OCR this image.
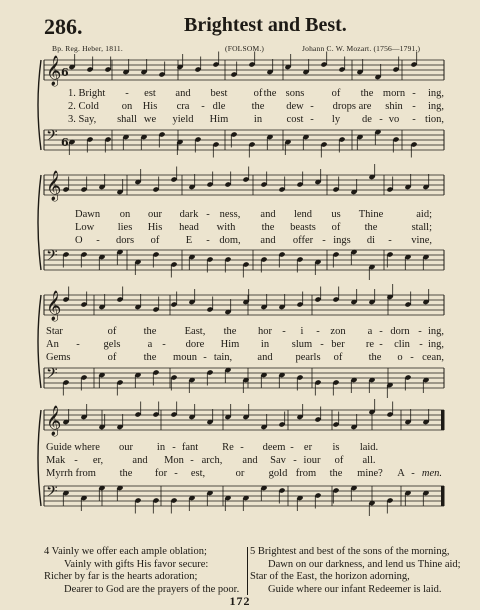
286.	Brightest and Best.
Bp. Reg. Heber, 1811.	(FOLSOM.)	Johann C. W. Mozart. (1756—1791.)
𝄞 6
𝄢 6
𝄞
𝄢
𝄞
𝄢
𝄞
𝄢
1. Bright - est and best of the sons	of the morn - ing,
2. Cold on His cra - dle the dew - drops are shin - ing,
3. Say, shall we yield Him in cost - ly de - vo - tion,
Dawn on our dark - ness, and lend us Thine	aid;
Low lies His head with	the beasts of the	stall;
O - dors of	E - dom, and offer - ings di - vine,
Star	of	the	East, the hor - i - zon a - dorn - ing,
An - gels	a - dore Him in slum - ber re - clin - ing,
Gems	of	the moun - tain, and pearls of the o - cean,
Guide where our in - fant Re - deem - er is laid.
Mak - er,	and Mon - arch, and Sav - iour of all.
Myrrh from the for - est,	or gold from the mine? A - men.
4 Vainly we offer each ample oblation;
Vainly with gifts His favor secure:
Richer by far is the hearts adoration;
Dearer to God are the prayers of the poor.
5 Brightest and best of the sons of the morning,
Dawn on our darkness, and lend us Thine aid;
Star of the East, the horizon adorning,
Guide where our infant Redeemer is laid.
172
